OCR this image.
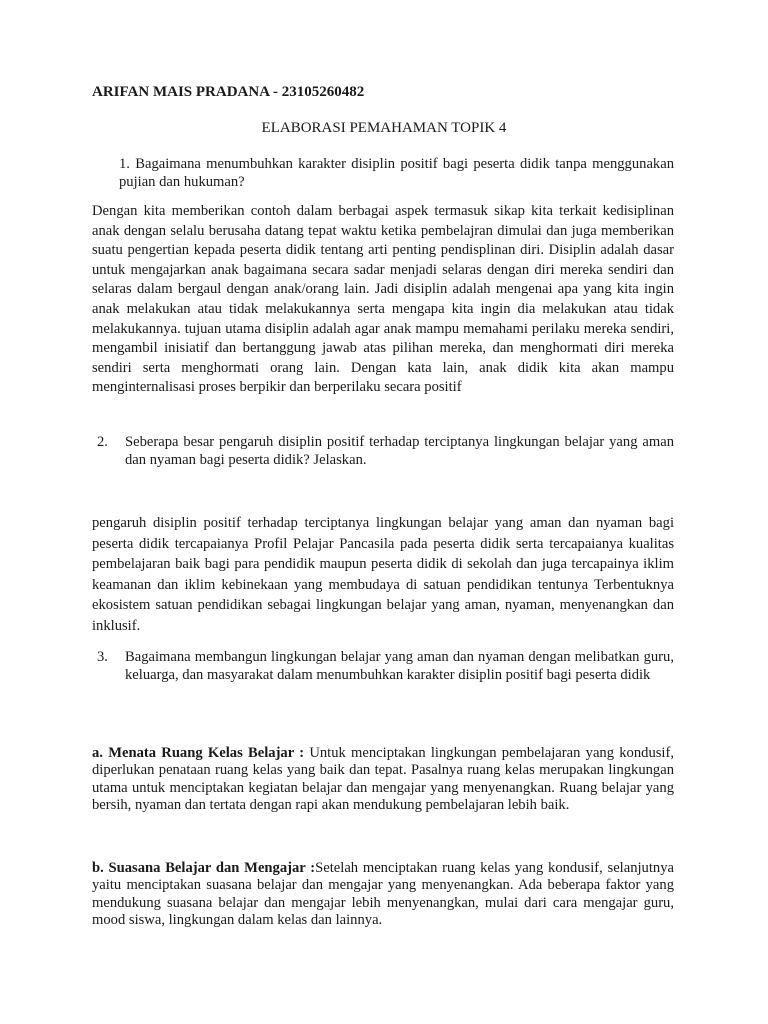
ARIFAN MAIS PRADANA - 23105260482

ELABORASI PEMAHAMAN TOPIK 4

1. Bagaimana menumbuhkan karakter disiplin positif bagi peserta didik tanpa menggunakan pujian dan hukuman?

Dengan kita memberikan contoh dalam berbagai aspek termasuk sikap kita terkait kedisiplinan anak dengan selalu berusaha datang tepat waktu ketika pembelajran dimulai dan juga memberikan suatu pengertian kepada peserta didik tentang arti penting pendisplinan diri. Disiplin adalah dasar untuk mengajarkan anak bagaimana secara sadar menjadi selaras dengan diri mereka sendiri dan selaras dalam bergaul dengan anak/orang lain. Jadi disiplin adalah mengenai apa yang kita ingin anak melakukan atau tidak melakukannya serta mengapa kita ingin dia melakukan atau tidak melakukannya. tujuan utama disiplin adalah agar anak mampu memahami perilaku mereka sendiri, mengambil inisiatif dan bertanggung jawab atas pilihan mereka, dan menghormati diri mereka sendiri serta menghormati orang lain. Dengan kata lain, anak didik kita akan mampu menginternalisasi proses berpikir dan berperilaku secara positif

2. Seberapa besar pengaruh disiplin positif terhadap terciptanya lingkungan belajar yang aman dan nyaman bagi peserta didik? Jelaskan.

pengaruh disiplin positif terhadap terciptanya lingkungan belajar yang aman dan nyaman bagi peserta didik tercapaianya Profil Pelajar Pancasila pada peserta didik serta tercapaianya kualitas pembelajaran baik bagi para pendidik maupun peserta didik di sekolah dan juga tercapainya iklim keamanan dan iklim kebinekaan yang membudaya di satuan pendidikan tentunya Terbentuknya ekosistem satuan pendidikan sebagai lingkungan belajar yang aman, nyaman, menyenangkan dan inklusif.

3. Bagaimana membangun lingkungan belajar yang aman dan nyaman dengan melibatkan guru, keluarga, dan masyarakat dalam menumbuhkan karakter disiplin positif bagi peserta didik

a. Menata Ruang Kelas Belajar : Untuk menciptakan lingkungan pembelajaran yang kondusif, diperlukan penataan ruang kelas yang baik dan tepat. Pasalnya ruang kelas merupakan lingkungan utama untuk menciptakan kegiatan belajar dan mengajar yang menyenangkan. Ruang belajar yang bersih, nyaman dan tertata dengan rapi akan mendukung pembelajaran lebih baik.

b. Suasana Belajar dan Mengajar :Setelah menciptakan ruang kelas yang kondusif, selanjutnya yaitu menciptakan suasana belajar dan mengajar yang menyenangkan. Ada beberapa faktor yang mendukung suasana belajar dan mengajar lebih menyenangkan, mulai dari cara mengajar guru, mood siswa, lingkungan dalam kelas dan lainnya.
